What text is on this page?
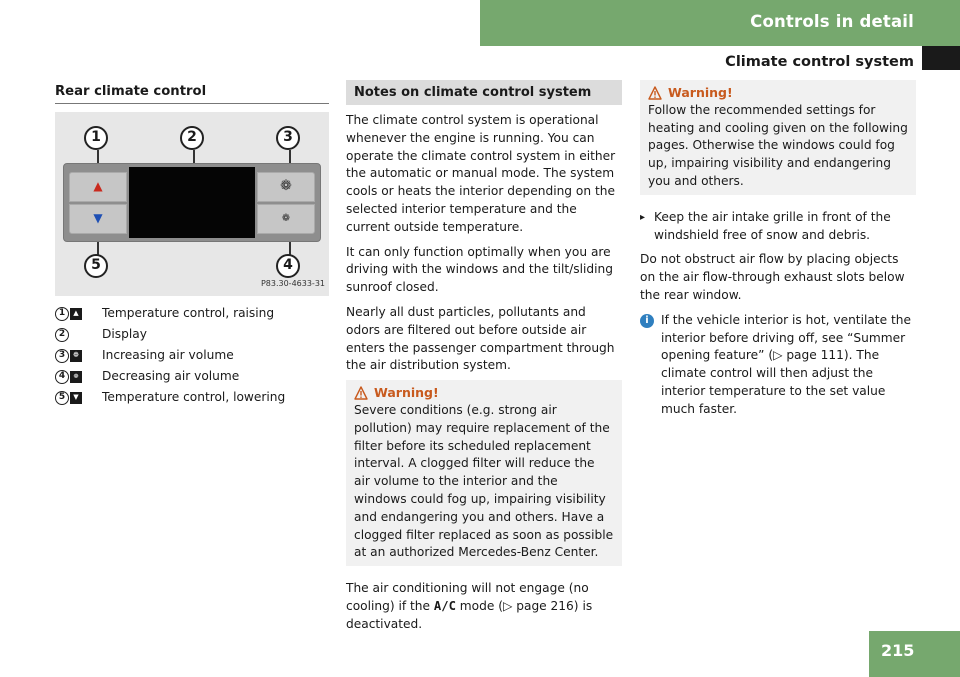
Controls in detail
Climate control system
Rear climate control
▲
▼
❁
❁
1	2	3
4
5
P83.30-4633-31
1	▲ Temperature control, raising
2	Display
3	❁ Increasing air volume
4	❁ Decreasing air volume
5	▼ Temperature control, lowering
Notes on climate control system

The climate control system is operational whenever the engine is running. You can operate the climate control system in either the automatic or manual mode. The system cools or heats the interior depending on the selected interior temperature and the current outside temperature.

It can only function optimally when you are driving with the windows and the tilt/sliding sunroof closed.

Nearly all dust particles, pollutants and odors are filtered out before outside air enters the passenger compartment through the air distribution system.

Warning!

Severe conditions (e.g. strong air pollution) may require replacement of the filter before its scheduled replacement interval. A clogged filter will reduce the air volume to the interior and the windows could fog up, impairing visibility and endangering you and others. Have a clogged filter replaced as soon as possible at an authorized Mercedes-Benz Center.

The air conditioning will not engage (no cooling) if the A/C mode (▷ page 216) is deactivated.

Warning!

Follow the recommended settings for heating and cooling given on the following pages. Otherwise the windows could fog up, impairing visibility and endangering you and others.

▸ Keep the air intake grille in front of the windshield free of snow and debris.

Do not obstruct air flow by placing objects on the air flow-through exhaust slots below the rear window.

i	If the vehicle interior is hot, ventilate the interior before driving off, see “Summer opening feature” (▷ page 111). The climate control will then adjust the interior temperature to the set value much faster.
215
